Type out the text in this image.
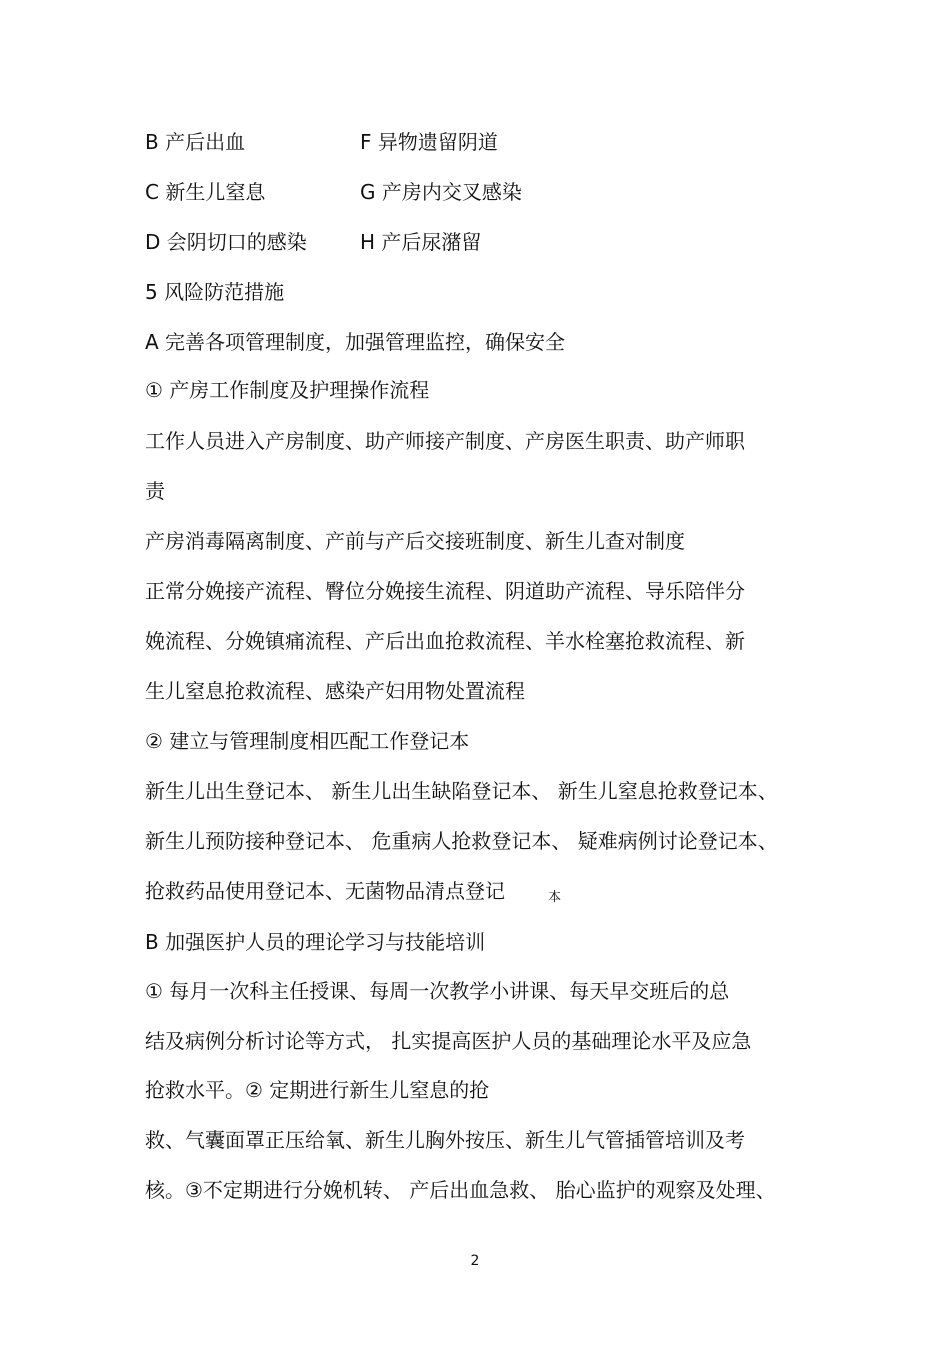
B 产后出血	F 异物遗留阴道
C 新生儿窒息	G 产房内交叉感染
D 会阴切口的感染	H 产后尿潴留
5 风险防范措施
A 完善各项管理制度，加强管理监控，确保安全
① 产房工作制度及护理操作流程
工作人员进入产房制度、助产师接产制度、产房医生职责、助产师职
责
产房消毒隔离制度、产前与产后交接班制度、新生儿查对制度
正常分娩接产流程、臀位分娩接生流程、阴道助产流程、导乐陪伴分
娩流程、分娩镇痛流程、产后出血抢救流程、羊水栓塞抢救流程、新
生儿窒息抢救流程、感染产妇用物处置流程
② 建立与管理制度相匹配工作登记本
新生儿出生登记本、 新生儿出生缺陷登记本、 新生儿窒息抢救登记本、
新生儿预防接种登记本、 危重病人抢救登记本、 疑难病例讨论登记本、
抢救药品使用登记本、无菌物品清点登记	本
B 加强医护人员的理论学习与技能培训
① 每月一次科主任授课、每周一次教学小讲课、每天早交班后的总
结及病例分析讨论等方式， 扎实提高医护人员的基础理论水平及应急
抢救水平。② 定期进行新生儿窒息的抢
救、气囊面罩正压给氧、新生儿胸外按压、新生儿气管插管培训及考
核。③不定期进行分娩机转、 产后出血急救、 胎心监护的观察及处理、
2
